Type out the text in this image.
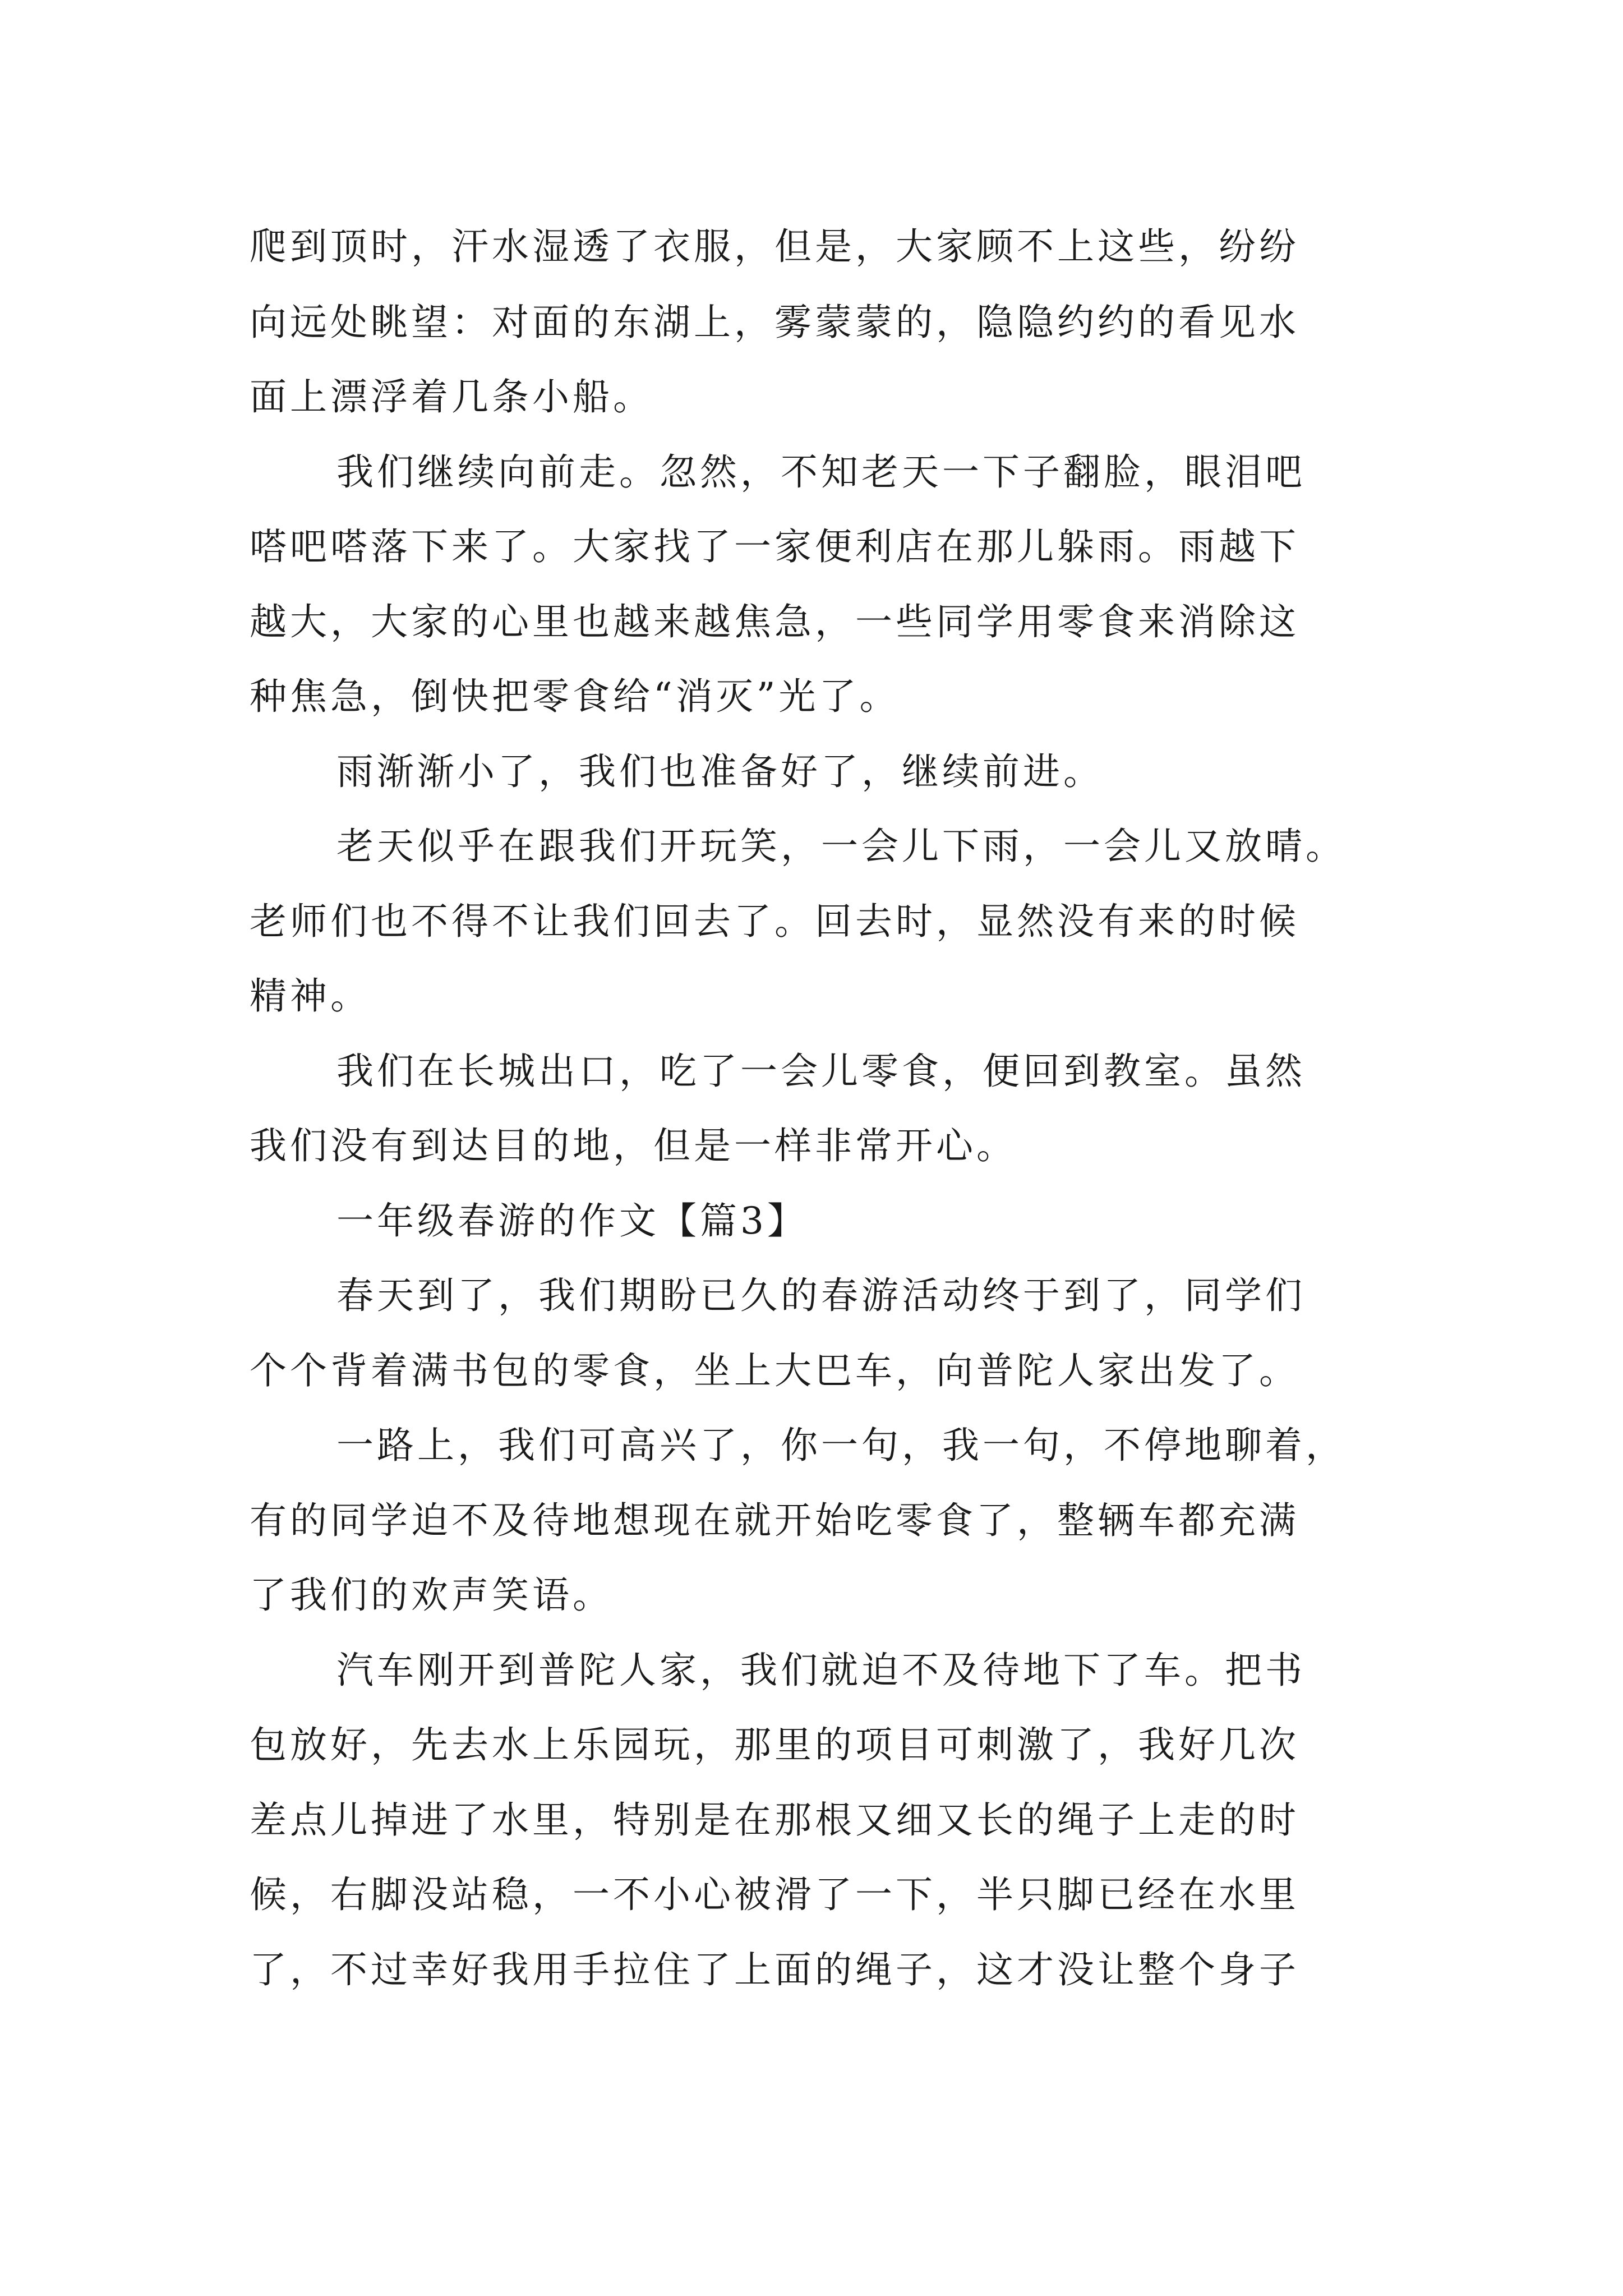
爬到顶时，汗水湿透了衣服，但是，大家顾不上这些，纷纷

向远处眺望：对面的东湖上，雾蒙蒙的，隐隐约约的看见水

面上漂浮着几条小船。

我们继续向前走。忽然，不知老天一下子翻脸，眼泪吧

嗒吧嗒落下来了。大家找了一家便利店在那儿躲雨。雨越下

越大，大家的心里也越来越焦急，一些同学用零食来消除这

种焦急，倒快把零食给“消灭”光了。

雨渐渐小了，我们也准备好了，继续前进。

老天似乎在跟我们开玩笑，一会儿下雨，一会儿又放晴。

老师们也不得不让我们回去了。回去时，显然没有来的时候

精神。

我们在长城出口，吃了一会儿零食，便回到教室。虽然

我们没有到达目的地，但是一样非常开心。

一年级春游的作文【篇3】

春天到了，我们期盼已久的春游活动终于到了，同学们

个个背着满书包的零食，坐上大巴车，向普陀人家出发了。

一路上，我们可高兴了，你一句，我一句，不停地聊着，

有的同学迫不及待地想现在就开始吃零食了，整辆车都充满

了我们的欢声笑语。

汽车刚开到普陀人家，我们就迫不及待地下了车。把书

包放好，先去水上乐园玩，那里的项目可刺激了，我好几次

差点儿掉进了水里，特别是在那根又细又长的绳子上走的时

候，右脚没站稳，一不小心被滑了一下，半只脚已经在水里

了，不过幸好我用手拉住了上面的绳子，这才没让整个身子
